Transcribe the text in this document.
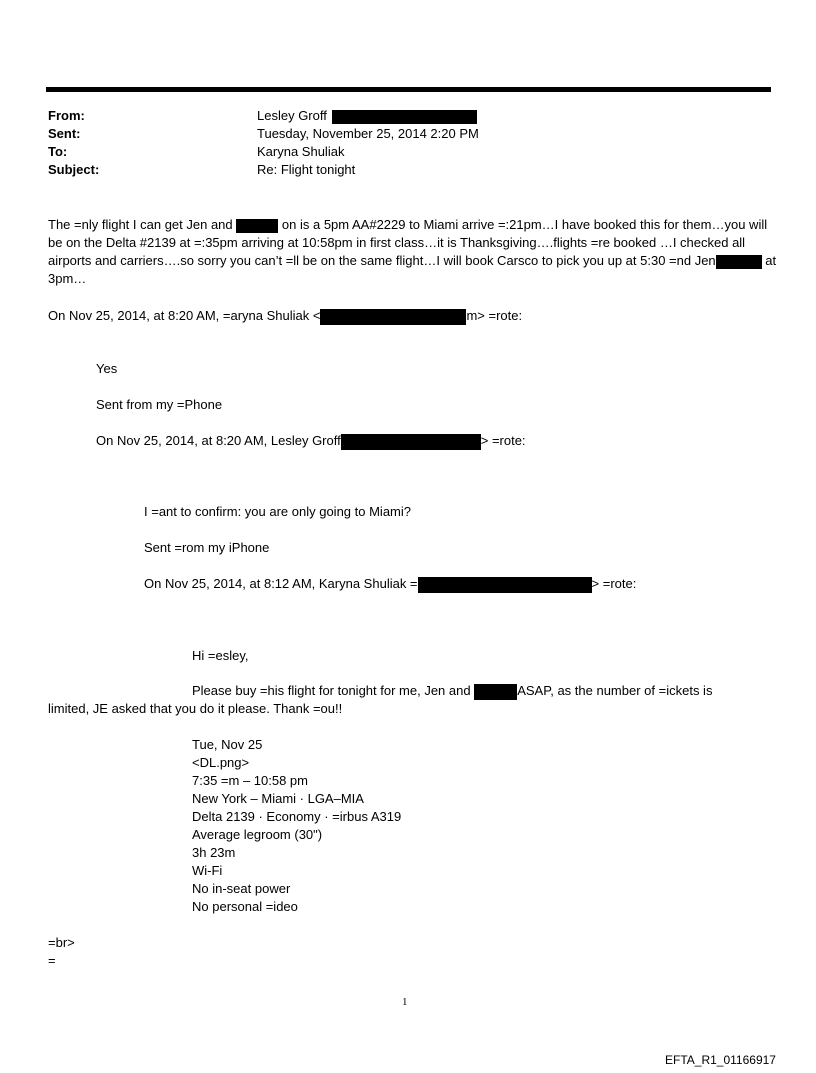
From:	Lesley Groff
Sent:	Tuesday, November 25, 2014 2:20 PM
To:	Karyna Shuliak
Subject:	Re: Flight tonight
The =nly flight I can get Jen and	on is a 5pm AA#2229 to Miami arrive =:21pm…I have booked this for them…you will be on the Delta #2139 at =:35pm arriving at 10:58pm in first class…it is Thanksgiving….flights =re booked …I checked all airports and carriers….so sorry you can’t =ll be on the same flight…I will book Carsco to pick you up at 5:30 =nd Jen	at 3pm…
On Nov 25, 2014, at 8:20 AM, =aryna Shuliak <	m> =rote:
Yes
Sent from my =Phone
On Nov 25, 2014, at 8:20 AM, Lesley Groff	> =rote:
I =ant to confirm: you are only going to Miami?
Sent =rom my iPhone
On Nov 25, 2014, at 8:12 AM, Karyna Shuliak =	> =rote:
Hi =esley,
Please buy =his flight for tonight for me, Jen and	ASAP, as the number of =ickets is
limited, JE asked that you do it please. Thank =ou!!
Tue, Nov 25
<DL.png>
7:35 =m – 10:58 pm
New York – Miami · LGA–MIA
Delta 2139 · Economy · =irbus A319
Average legroom (30")
3h 23m
Wi-Fi
No in-seat power
No personal =ideo
=br>
=
1
EFTA_R1_01166917
